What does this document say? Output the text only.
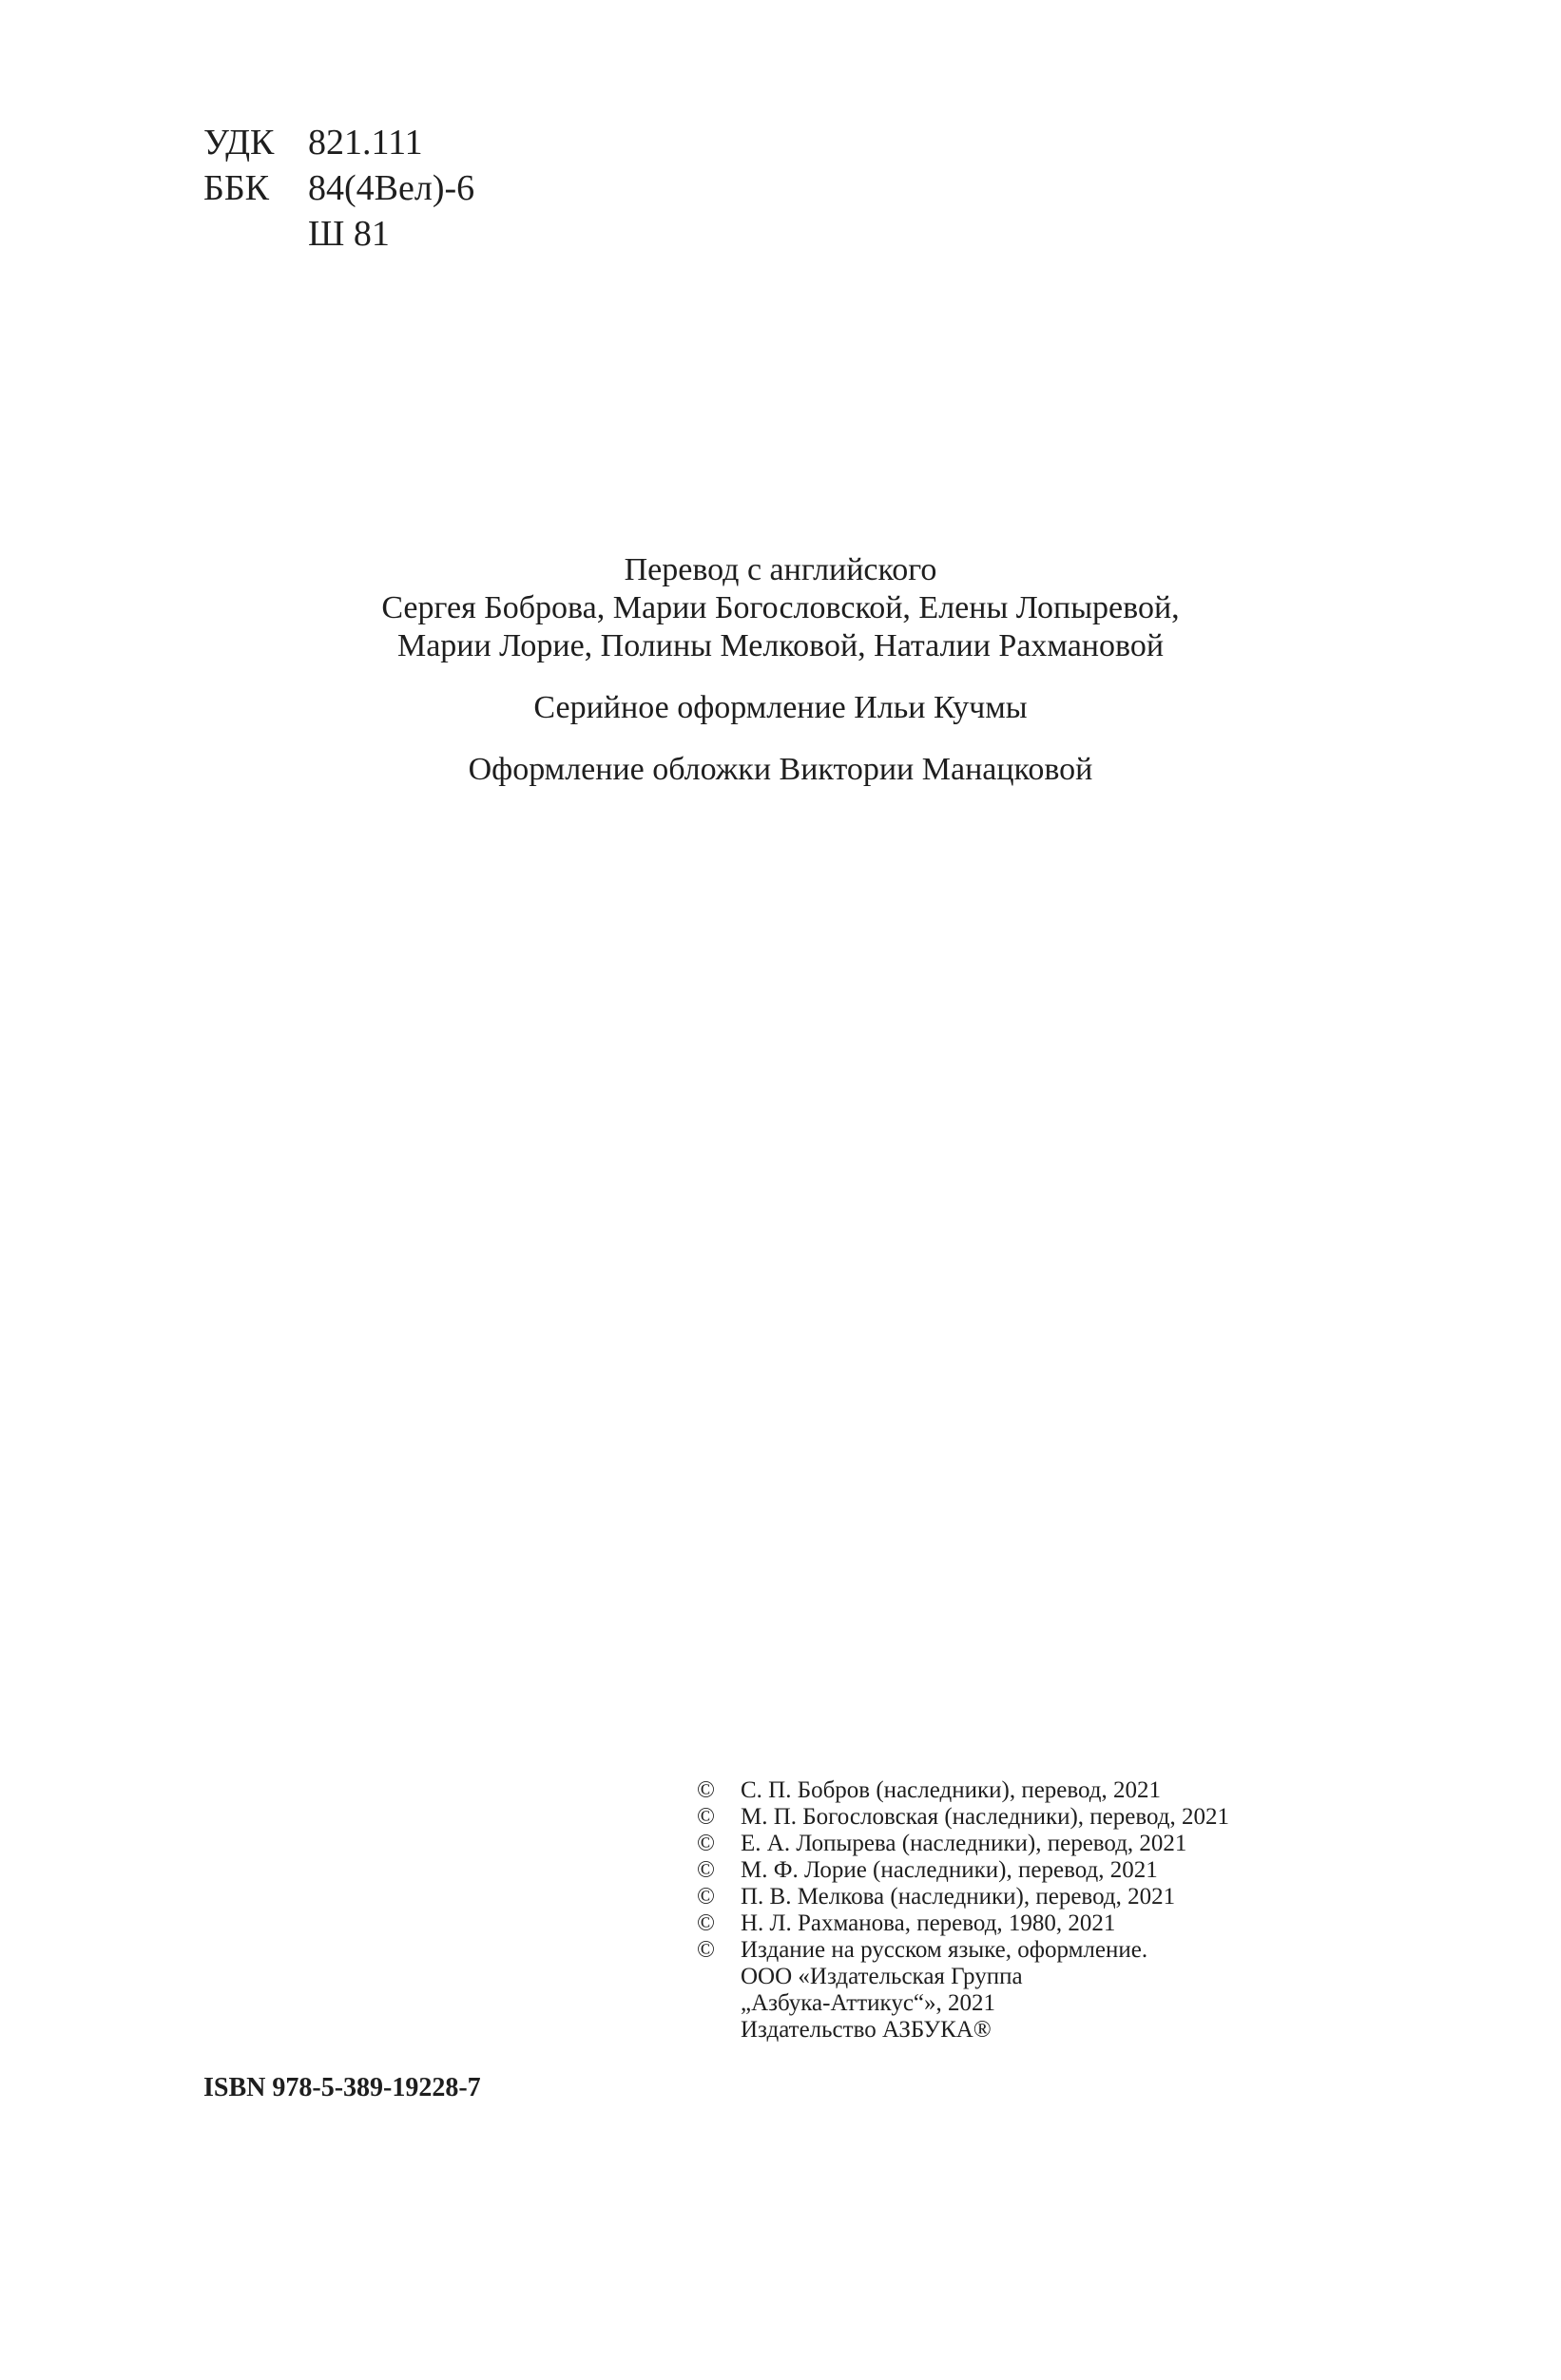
УДК 821.111
ББК	84(4Вел)-6
Ш 81
Перевод с английского
Сергея Боброва, Марии Богословской, Елены Лопыревой,
Марии Лорие, Полины Мелковой, Наталии Рахмановой
Серийное оформление Ильи Кучмы
Оформление обложки Виктории Манацковой
© С. П. Бобров (наследники), перевод, 2021
© М. П. Богословская (наследники), перевод, 2021
© Е. А. Лопырева (наследники), перевод, 2021
© М. Ф. Лорие (наследники), перевод, 2021
© П. В. Мелкова (наследники), перевод, 2021
© Н. Л. Рахманова, перевод, 1980, 2021
© Издание на русском языке, оформление.
ООО «Издательская Группа
„Азбука-Аттикус“», 2021
Издательство АЗБУКА®
ISBN 978-5-389-19228-7
